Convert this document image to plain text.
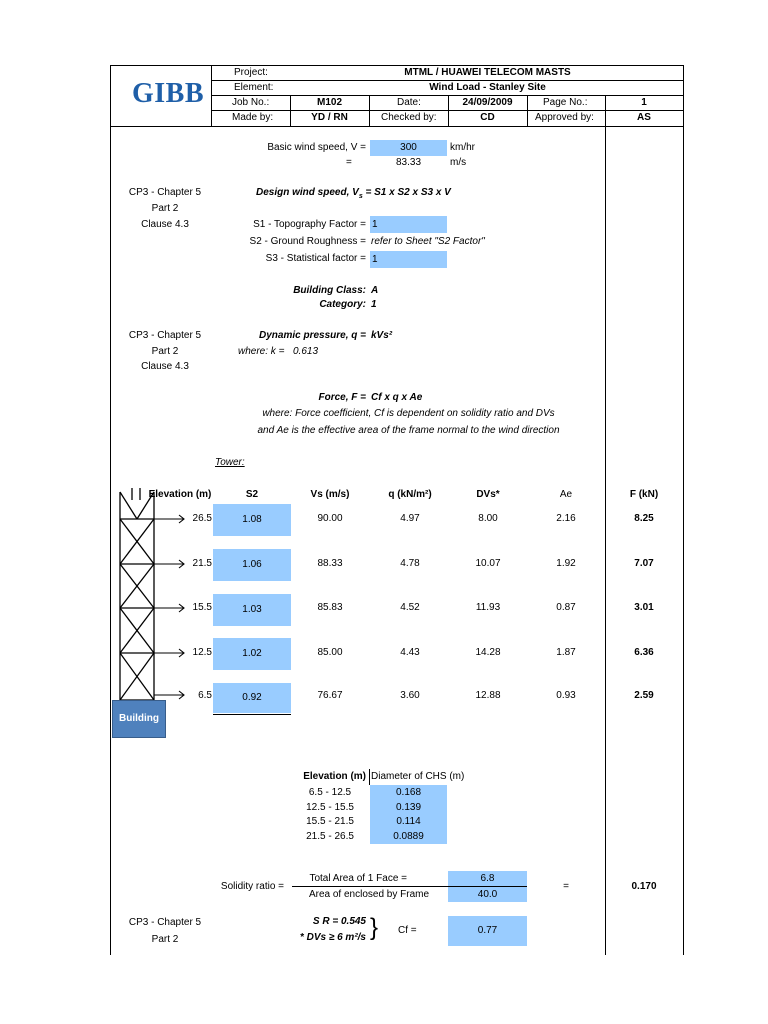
GIBB
Project:	MTML / HUAWEI TELECOM MASTS
Element:	Wind Load - Stanley Site
Job No.:	M102	Date:	24/09/2009	Page No.:	1
Made by:	YD / RN	Checked by:	CD	Approved by:	AS
Basic wind speed, V =	300	km/hr
=	83.33	m/s
CP3 - Chapter 5
Part 2
Clause 4.3
Design wind speed, $V_s = S1$ x S2 x S3 x V
S1 - Topography Factor = 1
S2 - Ground Roughness = refer to Sheet "S2 Factor"
S3 - Statistical factor = 1
Building Class: A
Category: 1
CP3 - Chapter 5
Part 2
Clause 4.3
Dynamic pressure, q = kVs²
where: k = 0.613
Force, F = Cf x q x Ae
where: Force coefficient, Cf is dependent on solidity ratio and DVs
and Ae is the effective area of the frame normal to the wind direction
Tower:
Elevation (m)	S2	Vs (m/s)	q (kN/m²)	DVs*	Ae	F (kN)
Building
26.5	1.08	90.00	4.97	8.00	2.16	8.25
21.5	1.06	88.33	4.78	10.07	1.92	7.07
15.5	1.03	85.83	4.52	11.93	0.87	3.01
12.5	1.02	85.00	4.43	14.28	1.87	6.36
6.5	0.92	76.67	3.60	12.88	0.93	2.59
Elevation (m) Diameter of CHS (m)
6.5 - 12.5	0.168
12.5 - 15.5	0.139
15.5 - 21.5	0.114
21.5 - 26.5	0.0889
Solidity ratio =
Total Area of 1 Face =	6.8
Area of enclosed by Frame	40.0
=	0.170
CP3 - Chapter 5
Part 2
S R = 0.545
* DVs ≥ 6 m²/s } Cf =	0.77
